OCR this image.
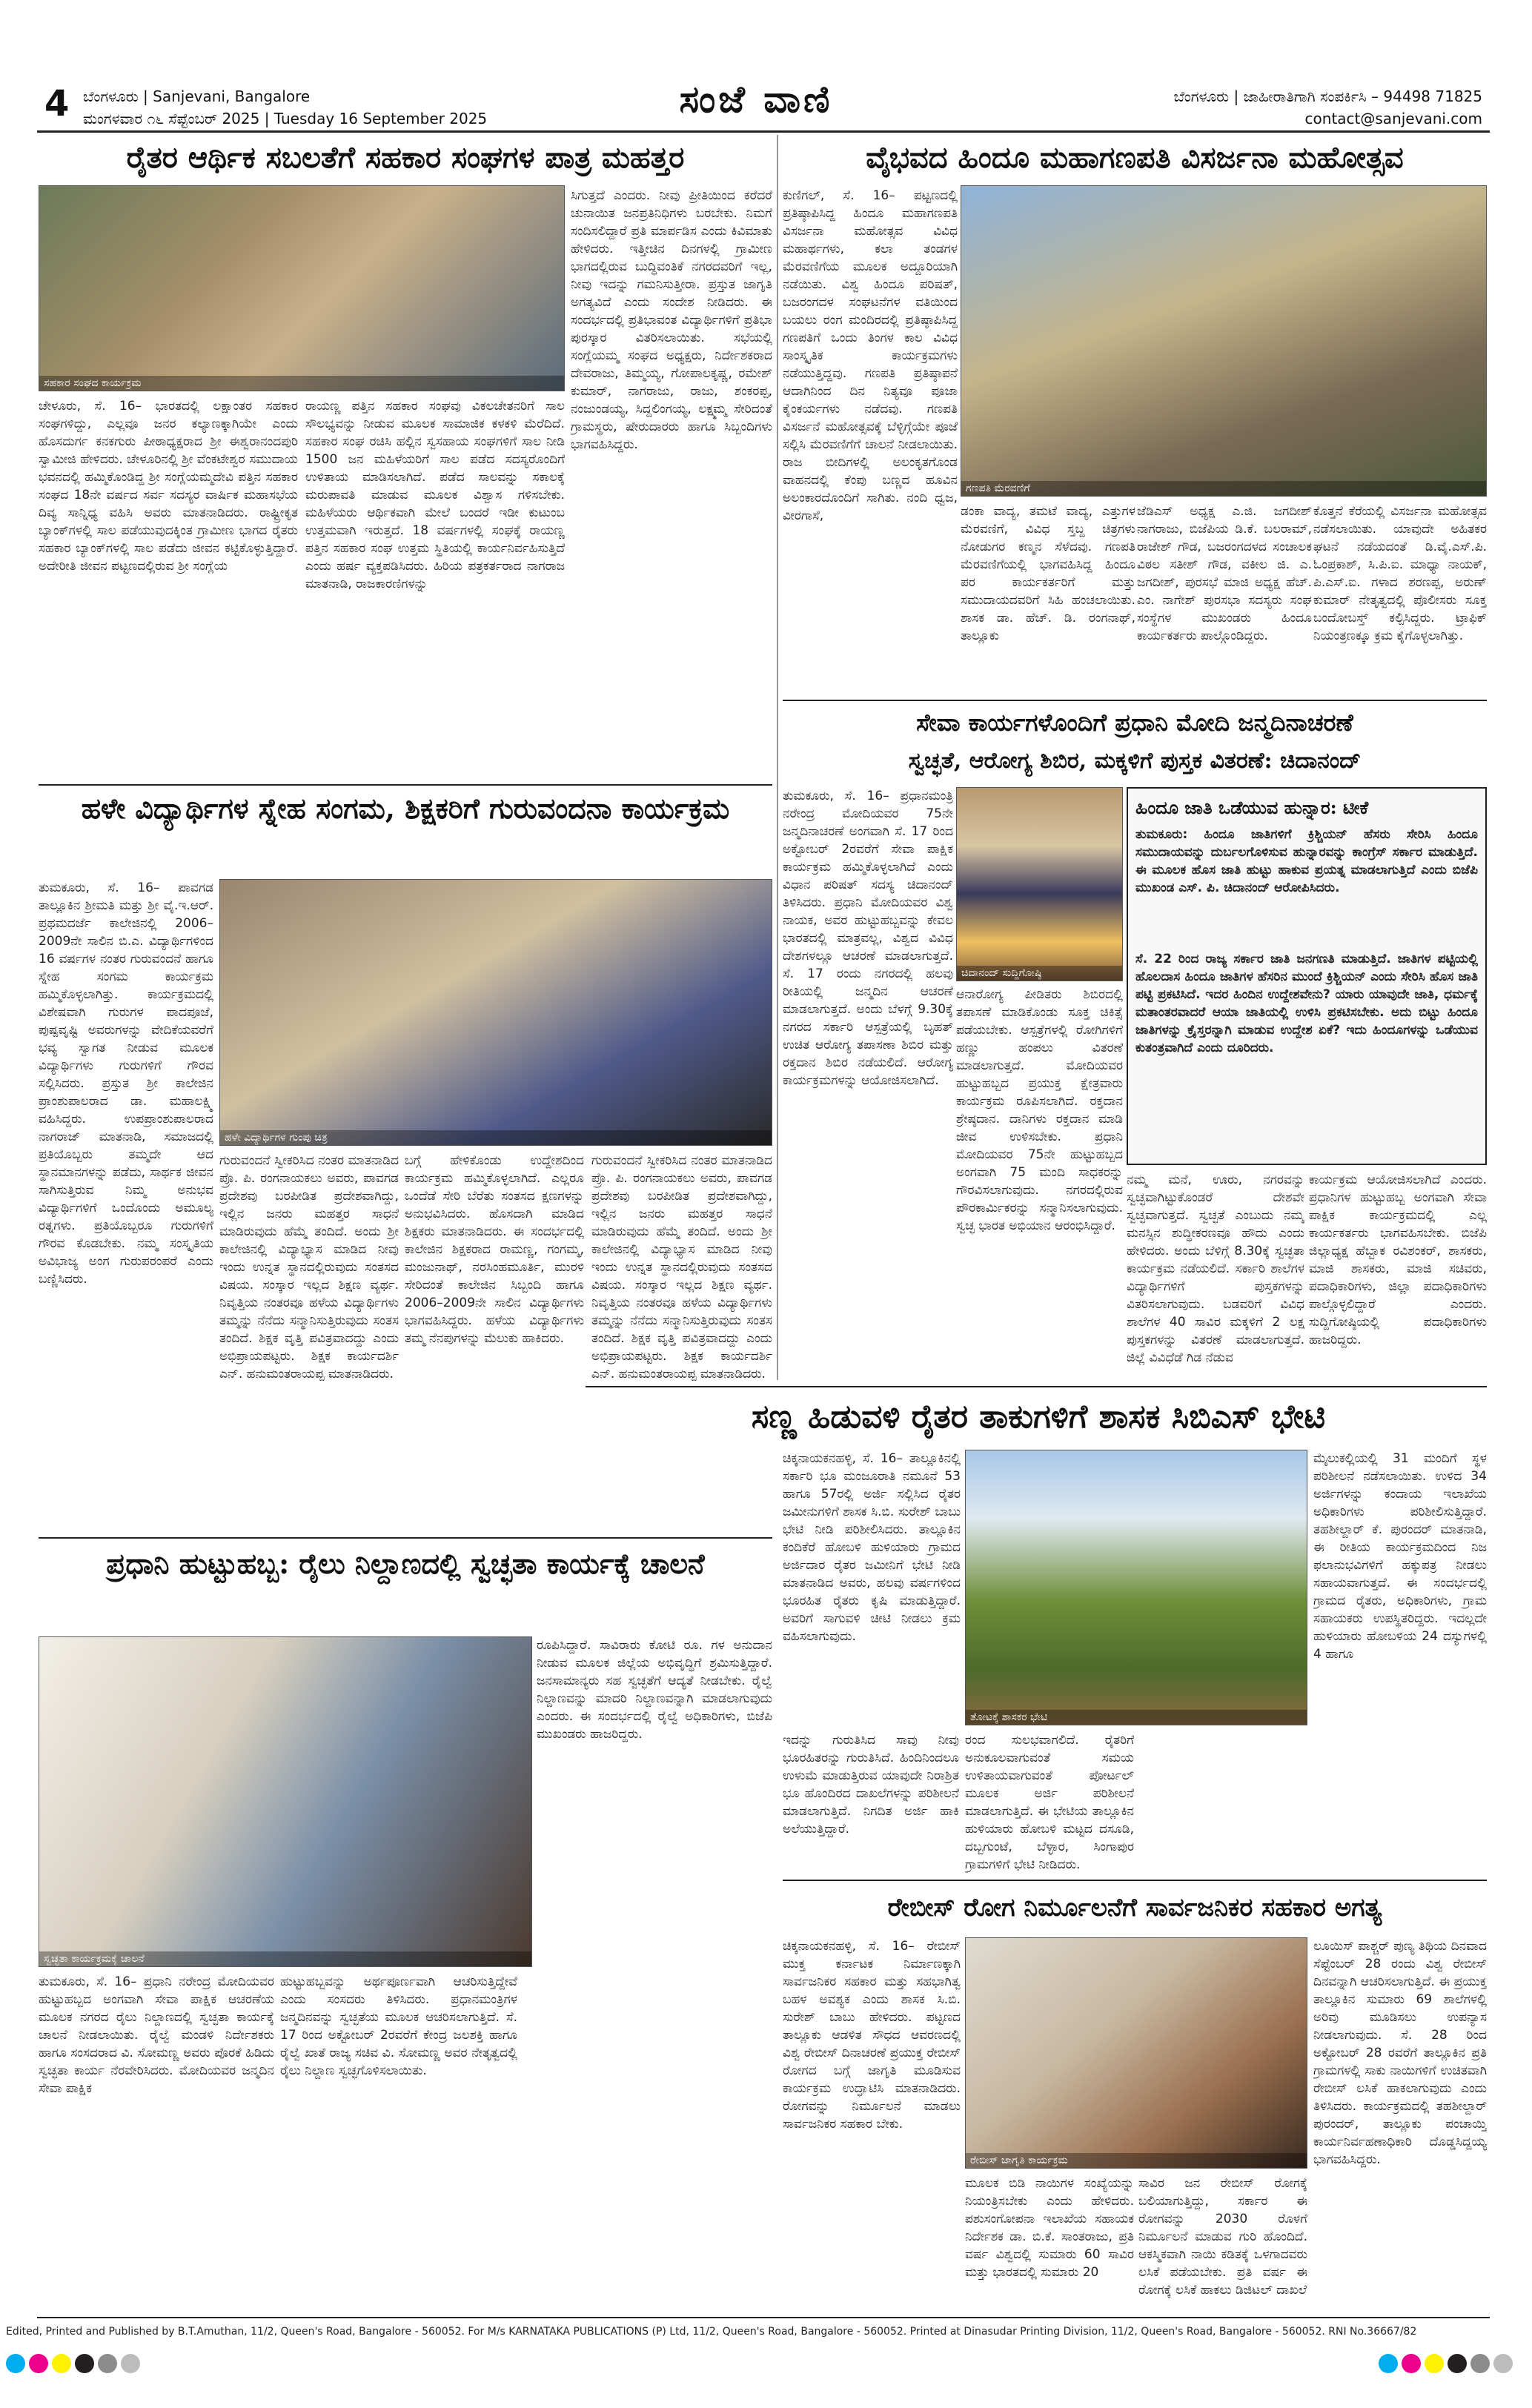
4 ಬೆಂಗಳೂರು | Sanjevani, Bangalore
ಮಂಗಳವಾರ ೧೬ ಸೆಪ್ಟೆಂಬರ್ 2025 | Tuesday 16 September 2025	ಸಂಜೆ ವಾಣಿ	ಬೆಂಗಳೂರು | ಜಾಹೀರಾತಿಗಾಗಿ ಸಂಪರ್ಕಿಸಿ – 94498 71825
contact@sanjevani.com
ರೈತರ ಆರ್ಥಿಕ ಸಬಲತೆಗೆ ಸಹಕಾರ ಸಂಘಗಳ ಪಾತ್ರ ಮಹತ್ತರ
ಸಹಕಾರ ಸಂಘದ ಕಾರ್ಯಕ್ರಮ
ಸಿಗುತ್ತದೆ ಎಂದರು. ನೀವು ಪ್ರೀತಿಯಿಂದ ಕರೆದರೆ ಚುನಾಯಿತ ಜನಪ್ರತಿನಿಧಿಗಳು ಬರಬೇಕು. ನಿಮಗೆ ಸಂದಿಸಲಿದ್ದಾರೆ ಪ್ರತಿ ಮಾರ್ಪಡಿಸ ಎಂದು ಕಿವಿಮಾತು ಹೇಳಿದರು. ಇತ್ತೀಚಿನ ದಿನಗಳಲ್ಲಿ ಗ್ರಾಮೀಣ ಭಾಗದಲ್ಲಿರುವ ಬುದ್ಧಿವಂತಿಕೆ ನಗರದವರಿಗೆ ಇಲ್ಲ, ನೀವು ಇದನ್ನು ಗಮನಿಸುತ್ತೀರಾ. ಪ್ರಸ್ತುತ ಜಾಗೃತಿ ಅಗತ್ಯವಿದೆ ಎಂದು ಸಂದೇಶ ನೀಡಿದರು. ಈ ಸಂದರ್ಭದಲ್ಲಿ ಪ್ರತಿಭಾವಂತ ವಿದ್ಯಾರ್ಥಿಗಳಿಗೆ ಪ್ರತಿಭಾ ಪುರಸ್ಕಾರ ವಿತರಿಸಲಾಯಿತು. ಸಭೆಯಲ್ಲಿ ಸಂಗ್ಲೆಯಮ್ಮ ಸಂಘದ ಅಧ್ಯಕ್ಷರು, ನಿರ್ದೇಶಕರಾದ ದೇವರಾಜು, ತಿಮ್ಮಯ್ಯ, ಗೋಪಾಲಕೃಷ್ಣ, ರಮೇಶ್ ಕುಮಾರ್, ನಾಗರಾಜು, ರಾಜು, ಶಂಕರಪ್ಪ, ನಂಜುಂಡಯ್ಯ, ಸಿದ್ದಲಿಂಗಯ್ಯ, ಲಕ್ಷ್ಮಮ್ಮ ಸೇರಿದಂತೆ ಗ್ರಾಮಸ್ಥರು, ಷೇರುದಾರರು ಹಾಗೂ ಸಿಬ್ಬಂದಿಗಳು ಭಾಗವಹಿಸಿದ್ದರು.
ಚೇಳೂರು, ಸೆ. 16– ಭಾರತದಲ್ಲಿ ಲಕ್ಷಾಂತರ ಸಹಕಾರ ಸಂಘಗಳಿದ್ದು, ಎಲ್ಲವೂ ಜನರ ಕಲ್ಯಾಣಕ್ಕಾಗಿಯೇ ಎಂದು ಹೊಸದುರ್ಗ ಕನಕಗುರು ಪೀಠಾಧ್ಯಕ್ಷರಾದ ಶ್ರೀ ಈಶ್ವರಾನಂದಪುರಿ ಸ್ವಾಮೀಜಿ ಹೇಳಿದರು. ಚೇಳೂರಿನಲ್ಲಿ ಶ್ರೀ ವೆಂಕಟೇಶ್ವರ ಸಮುದಾಯ ಭವನದಲ್ಲಿ ಹಮ್ಮಿಕೊಂಡಿದ್ದ ಶ್ರೀ ಸಂಗ್ಲೆಯಮ್ಮದೇವಿ ಪತ್ತಿನ ಸಹಕಾರ ಸಂಘದ 18ನೇ ವರ್ಷದ ಸರ್ವ ಸದಸ್ಯರ ವಾರ್ಷಿಕ ಮಹಾಸಭೆಯ ದಿವ್ಯ ಸಾನ್ನಿಧ್ಯ ವಹಿಸಿ ಅವರು ಮಾತನಾಡಿದರು. ರಾಷ್ಟ್ರೀಕೃತ ಬ್ಯಾಂಕ್‌ಗಳಲ್ಲಿ ಸಾಲ ಪಡೆಯುವುದಕ್ಕಿಂತ ಗ್ರಾಮೀಣ ಭಾಗದ ರೈತರು ಸಹಕಾರ ಬ್ಯಾಂಕ್‌ಗಳಲ್ಲಿ ಸಾಲ ಪಡೆದು ಜೀವನ ಕಟ್ಟಿಕೊಳ್ಳುತ್ತಿದ್ದಾರೆ. ಅದೇರೀತಿ ಜೀವನ ಪಟ್ಟಣದಲ್ಲಿರುವ ಶ್ರೀ ಸಂಗ್ಲೆಯ
ರಾಯಣ್ಣ ಪತ್ತಿನ ಸಹಕಾರ ಸಂಘವು ವಿಕಲಚೇತನರಿಗೆ ಸಾಲ ಸೌಲಭ್ಯವನ್ನು ನೀಡುವ ಮೂಲಕ ಸಾಮಾಜಿಕ ಕಳಕಳಿ ಮೆರೆದಿದೆ. ಸಹಕಾರ ಸಂಘ ರಚಿಸಿ ಹಲ್ಲಿನ ಸ್ವಸಹಾಯ ಸಂಘಗಳಿಗೆ ಸಾಲ ನೀಡಿ 1500 ಜನ ಮಹಿಳೆಯರಿಗೆ ಸಾಲ ಪಡೆದ ಸದಸ್ಯರೊಂದಿಗೆ ಉಳಿತಾಯ ಮಾಡಿಸಲಾಗಿದೆ. ಪಡೆದ ಸಾಲವನ್ನು ಸಕಾಲಕ್ಕೆ ಮರುಪಾವತಿ ಮಾಡುವ ಮೂಲಕ ವಿಶ್ವಾಸ ಗಳಿಸಬೇಕು. ಮಹಿಳೆಯರು ಆರ್ಥಿಕವಾಗಿ ಮೇಲೆ ಬಂದರೆ ಇಡೀ ಕುಟುಂಬ ಉತ್ತಮವಾಗಿ ಇರುತ್ತದೆ. 18 ವರ್ಷಗಳಲ್ಲಿ ಸಂಘಕ್ಕೆ ರಾಯಣ್ಣ ಪತ್ತಿನ ಸಹಕಾರ ಸಂಘ ಉತ್ತಮ ಸ್ಥಿತಿಯಲ್ಲಿ ಕಾರ್ಯನಿರ್ವಹಿಸುತ್ತಿದೆ ಎಂದು ಹರ್ಷ ವ್ಯಕ್ತಪಡಿಸಿದರು. ಹಿರಿಯ ಪತ್ರಕರ್ತರಾದ ನಾಗರಾಜ ಮಾತನಾಡಿ, ರಾಜಕಾರಣಿಗಳನ್ನು
ವೈಭವದ ಹಿಂದೂ ಮಹಾಗಣಪತಿ ವಿಸರ್ಜನಾ ಮಹೋತ್ಸವ
ಕುಣಿಗಲ್, ಸೆ. 16– ಪಟ್ಟಣದಲ್ಲಿ ಪ್ರತಿಷ್ಠಾಪಿಸಿದ್ದ ಹಿಂದೂ ಮಹಾಗಣಪತಿ ವಿಸರ್ಜನಾ ಮಹೋತ್ಸವ ವಿವಿಧ ಮಹಾರ್ಥಗಳು, ಕಲಾ ತಂಡಗಳ ಮೆರವಣಿಗೆಯ ಮೂಲಕ ಅದ್ದೂರಿಯಾಗಿ ನಡೆಯಿತು. ವಿಶ್ವ ಹಿಂದೂ ಪರಿಷತ್, ಬಜರಂಗದಳ ಸಂಘಟನೆಗಳ ವತಿಯಿಂದ ಬಯಲು ರಂಗ ಮಂದಿರದಲ್ಲಿ ಪ್ರತಿಷ್ಠಾಪಿಸಿದ್ದ ಗಣಪತಿಗೆ ಒಂದು ತಿಂಗಳ ಕಾಲ ವಿವಿಧ ಸಾಂಸ್ಕೃತಿಕ ಕಾರ್ಯಕ್ರಮಗಳು ನಡೆಯುತ್ತಿದ್ದವು. ಗಣಪತಿ ಪ್ರತಿಷ್ಠಾಪನೆ ಆದಾಗಿನಿಂದ ದಿನ ನಿತ್ಯವೂ ಪೂಜಾ ಕೈಂಕರ್ಯಗಳು ನಡೆದವು. ಗಣಪತಿ ವಿಸರ್ಜನೆ ಮಹೋತ್ಸವಕ್ಕೆ ಬೆಳ್ಳಿಗ್ಗೆಯೇ ಪೂಜೆ ಸಲ್ಲಿಸಿ ಮೆರವಣಿಗೆಗೆ ಚಾಲನೆ ನೀಡಲಾಯಿತು. ರಾಜ ಬೀದಿಗಳಲ್ಲಿ ಅಲಂಕೃತಗೊಂಡ ವಾಹನದಲ್ಲಿ ಕೆಂಪು ಬಣ್ಣದ ಹೂವಿನ ಅಲಂಕಾರದೊಂದಿಗೆ ಸಾಗಿತು. ನಂದಿ ಧ್ವಜ, ವೀರಗಾಸೆ,
ಗಣಪತಿ ಮೆರವಣಿಗೆ
ಡಂಕಾ ವಾದ್ಯ, ತಮಟೆ ವಾದ್ಯ, ಎತ್ತುಗಳ ಮೆರವಣಿಗೆ, ವಿವಿಧ ಸ್ತಬ್ದ ಚಿತ್ರಗಳು ನೋಡುಗರ ಕಣ್ಮನ ಸೆಳೆದವು. ಗಣಪತಿ ಮೆರವಣಿಗೆಯಲ್ಲಿ ಭಾಗವಹಿಸಿದ್ದ ಹಿಂದೂ ಪರ ಕಾರ್ಯಕರ್ತರಿಗೆ ಮತ್ತು ಸಮುದಾಯದವರಿಗೆ ಸಿಹಿ ಹಂಚಲಾಯಿತು. ಶಾಸಕ ಡಾ. ಹೆಚ್. ಡಿ. ರಂಗನಾಥ್, ತಾಲ್ಲೂಕು
ಜೆಡಿಎಸ್ ಅಧ್ಯಕ್ಷ ಎ.ಜಿ. ಜಗದೀಶ್ ನಾಗರಾಜು, ಬಿಜೆಪಿಯ ಡಿ.ಕೆ. ಬಲರಾಮ್, ರಾಜೇಶ್ ಗೌಡ, ಬಜರಂಗದಳದ ಸಂಚಾಲಕ ವಿಠಲ ಸತೀಶ್ ಗೌಡ, ವಕೀಲ ಜಿ. ಎ. ಜಗದೀಶ್, ಪುರಸಭೆ ಮಾಜಿ ಅಧ್ಯಕ್ಷ ಹೆಚ್. ಎಂ. ನಾಗೇಶ್ ಪುರಸಭಾ ಸದಸ್ಯರು ಸಂಘ ಸಂಸ್ಥೆಗಳ ಮುಖಂಡರು ಹಿಂದೂ ಕಾರ್ಯಕರ್ತರು ಪಾಲ್ಗೊಂಡಿದ್ದರು.
ಕೊತ್ತನೆ ಕೆರೆಯಲ್ಲಿ ವಿಸರ್ಜನಾ ಮಹೋತ್ಸವ ನಡೆಸಲಾಯಿತು. ಯಾವುದೇ ಅಹಿತಕರ ಘಟನೆ ನಡೆಯದಂತೆ ಡಿ.ವೈ.ಎಸ್.ಪಿ. ಓಂಪ್ರಕಾಶ್, ಸಿ.ಪಿ.ಐ. ಮಾಧ್ಯಾ ನಾಯಕ್, ಪಿ.ಎಸ್.ಐ. ಗಳಾದ ಶರಣಪ್ಪ, ಅರುಣ್ ಕುಮಾರ್ ನೇತೃತ್ವದಲ್ಲಿ ಪೊಲೀಸರು ಸೂಕ್ತ ಬಂದೋಬಸ್ತ್ ಕಲ್ಪಿಸಿದ್ದರು. ಟ್ರಾಫಿಕ್ ನಿಯಂತ್ರಣಕ್ಕೂ ಕ್ರಮ ಕೈಗೊಳ್ಳಲಾಗಿತ್ತು.
ಸೇವಾ ಕಾರ್ಯಗಳೊಂದಿಗೆ ಪ್ರಧಾನಿ ಮೋದಿ ಜನ್ಮದಿನಾಚರಣೆ
ಸ್ವಚ್ಛತೆ, ಆರೋಗ್ಯ ಶಿಬಿರ, ಮಕ್ಕಳಿಗೆ ಪುಸ್ತಕ ವಿತರಣೆ: ಚಿದಾನಂದ್
ತುಮಕೂರು, ಸೆ. 16– ಪ್ರಧಾನಮಂತ್ರಿ ನರೇಂದ್ರ ಮೋದಿಯವರ 75ನೇ ಜನ್ಮದಿನಾಚರಣೆ ಅಂಗವಾಗಿ ಸೆ. 17 ರಿಂದ ಅಕ್ಟೋಬರ್ 2ರವರೆಗೆ ಸೇವಾ ಪಾಕ್ಷಿಕ ಕಾರ್ಯಕ್ರಮ ಹಮ್ಮಿಕೊಳ್ಳಲಾಗಿದೆ ಎಂದು ವಿಧಾನ ಪರಿಷತ್ ಸದಸ್ಯ ಚಿದಾನಂದ್ ತಿಳಿಸಿದರು. ಪ್ರಧಾನಿ ಮೋದಿಯವರ ವಿಶ್ವ ನಾಯಕ, ಅವರ ಹುಟ್ಟುಹಬ್ಬವನ್ನು ಕೇವಲ ಭಾರತದಲ್ಲಿ ಮಾತ್ರವಲ್ಲ, ವಿಶ್ವದ ವಿವಿಧ ದೇಶಗಳಲ್ಲೂ ಆಚರಣೆ ಮಾಡಲಾಗುತ್ತದೆ. ಸೆ. 17 ರಂದು ನಗರದಲ್ಲಿ ಹಲವು ರೀತಿಯಲ್ಲಿ ಜನ್ಮದಿನ ಆಚರಣೆ ಮಾಡಲಾಗುತ್ತದೆ. ಅಂದು ಬೆಳಗ್ಗೆ 9.30ಕ್ಕೆ ನಗರದ ಸರ್ಕಾರಿ ಆಸ್ಪತ್ರೆಯಲ್ಲಿ ಬೃಹತ್ ಉಚಿತ ಆರೋಗ್ಯ ತಪಾಸಣಾ ಶಿಬಿರ ಮತ್ತು ರಕ್ತದಾನ ಶಿಬಿರ ನಡೆಯಲಿದೆ. ಆರೋಗ್ಯ ಕಾರ್ಯಕ್ರಮಗಳನ್ನು ಆಯೋಜಿಸಲಾಗಿದೆ.
ಚಿದಾನಂದ್ ಸುದ್ದಿಗೋಷ್ಠಿ
ಆನಾರೋಗ್ಯ ಪೀಡಿತರು ಶಿಬಿರದಲ್ಲಿ ತಪಾಸಣೆ ಮಾಡಿಕೊಂಡು ಸೂಕ್ತ ಚಿಕಿತ್ಸೆ ಪಡೆಯಬೇಕು. ಆಸ್ಪತ್ರೆಗಳಲ್ಲಿ ರೋಗಿಗಳಿಗೆ ಹಣ್ಣು ಹಂಪಲು ವಿತರಣೆ ಮಾಡಲಾಗುತ್ತದೆ. ಮೋದಿಯವರ ಹುಟ್ಟುಹಬ್ಬದ ಪ್ರಯುಕ್ತ ಕ್ಷೇತ್ರವಾರು ಕಾರ್ಯಕ್ರಮ ರೂಪಿಸಲಾಗಿದೆ. ರಕ್ತದಾನ ಶ್ರೇಷ್ಠದಾನ. ದಾನಿಗಳು ರಕ್ತದಾನ ಮಾಡಿ ಜೀವ ಉಳಿಸಬೇಕು. ಪ್ರಧಾನಿ ಮೋದಿಯವರ 75ನೇ ಹುಟ್ಟುಹಬ್ಬದ ಅಂಗವಾಗಿ 75 ಮಂದಿ ಸಾಧಕರನ್ನು ಗೌರವಿಸಲಾಗುವುದು. ನಗರದಲ್ಲಿರುವ ಪೌರಕಾರ್ಮಿಕರನ್ನು ಸನ್ಮಾನಿಸಲಾಗುವುದು. ಸ್ವಚ್ಛ ಭಾರತ ಅಭಿಯಾನ ಆರಂಭಿಸಿದ್ದಾರೆ.
ಹಿಂದೂ ಜಾತಿ ಒಡೆಯುವ ಹುನ್ನಾರ: ಟೀಕೆ
ತುಮಕೂರು: ಹಿಂದೂ ಜಾತಿಗಳಿಗೆ ಕ್ರಿಶ್ಚಿಯನ್ ಹೆಸರು ಸೇರಿಸಿ ಹಿಂದೂ ಸಮುದಾಯವನ್ನು ದುರ್ಬಲಗೊಳಿಸುವ ಹುನ್ನಾರವನ್ನು ಕಾಂಗ್ರೆಸ್ ಸರ್ಕಾರ ಮಾಡುತ್ತಿದೆ. ಈ ಮೂಲಕ ಹೊಸ ಜಾತಿ ಹುಟ್ಟು ಹಾಕುವ ಪ್ರಯತ್ನ ಮಾಡಲಾಗುತ್ತಿದೆ ಎಂದು ಬಿಜೆಪಿ ಮುಖಂಡ ಎಸ್. ಪಿ. ಚಿದಾನಂದ್ ಆರೋಪಿಸಿದರು.
ಸೆ. 22 ರಿಂದ ರಾಜ್ಯ ಸರ್ಕಾರ ಜಾತಿ ಜನಗಣತಿ ಮಾಡುತ್ತಿದೆ. ಜಾತಿಗಳ ಪಟ್ಟಿಯಲ್ಲಿ ಹೊಲದಾಸ ಹಿಂದೂ ಜಾತಿಗಳ ಹೆಸರಿನ ಮುಂದೆ ಕ್ರಿಶ್ಚಿಯನ್ ಎಂದು ಸೇರಿಸಿ ಹೊಸ ಜಾತಿ ಪಟ್ಟಿ ಪ್ರಕಟಿಸಿದೆ. ಇದರ ಹಿಂದಿನ ಉದ್ದೇಶವೇನು? ಯಾರು ಯಾವುದೇ ಜಾತಿ, ಧರ್ಮಕ್ಕೆ ಮತಾಂತರವಾದರೆ ಆಯಾ ಜಾತಿಯಲ್ಲಿ ಉಳಿಸಿ ಪ್ರಕಟಿಸಬೇಕು. ಅದು ಬಿಟ್ಟು ಹಿಂದೂ ಜಾತಿಗಳನ್ನು ಕ್ರೈಸ್ತರನ್ನಾಗಿ ಮಾಡುವ ಉದ್ದೇಶ ಏಕೆ? ಇದು ಹಿಂದೂಗಳನ್ನು ಒಡೆಯುವ ಕುತಂತ್ರವಾಗಿದೆ ಎಂದು ದೂರಿದರು.
ನಮ್ಮ ಮನೆ, ಊರು, ನಗರವನ್ನು ಸ್ವಚ್ಛವಾಗಿಟ್ಟುಕೊಂಡರೆ ದೇಶವೇ ಸ್ವಚ್ಛವಾಗುತ್ತದೆ. ಸ್ವಚ್ಛತೆ ಎಂಬುದು ನಮ್ಮ ಮನಸ್ಸಿನ ಶುದ್ಧೀಕರಣವೂ ಹೌದು ಎಂದು ಹೇಳಿದರು. ಅಂದು ಬೆಳಿಗ್ಗೆ 8.30ಕ್ಕೆ ಸ್ವಚ್ಛತಾ ಕಾರ್ಯಕ್ರಮ ನಡೆಯಲಿದೆ. ಸರ್ಕಾರಿ ಶಾಲೆಗಳ ವಿದ್ಯಾರ್ಥಿಗಳಿಗೆ ಪುಸ್ತಕಗಳನ್ನು ವಿತರಿಸಲಾಗುವುದು. ಬಡವರಿಗೆ ವಿವಿಧ ಶಾಲೆಗಳ 40 ಸಾವಿರ ಮಕ್ಕಳಿಗೆ 2 ಲಕ್ಷ ಪುಸ್ತಕಗಳನ್ನು ವಿತರಣೆ ಮಾಡಲಾಗುತ್ತದೆ. ಜಿಲ್ಲೆ ವಿವಿಧೆಡೆ ಗಿಡ ನೆಡುವ
ಕಾರ್ಯಕ್ರಮ ಆಯೋಜಿಸಲಾಗಿದೆ ಎಂದರು. ಪ್ರಧಾನಿಗಳ ಹುಟ್ಟುಹಬ್ಬ ಅಂಗವಾಗಿ ಸೇವಾ ಪಾಕ್ಷಿಕ ಕಾರ್ಯಕ್ರಮದಲ್ಲಿ ಎಲ್ಲ ಕಾರ್ಯಕರ್ತರು ಭಾಗವಹಿಸಬೇಕು. ಬಿಜೆಪಿ ಜಿಲ್ಲಾಧ್ಯಕ್ಷ ಹೆಬ್ಬಾಕ ರವಿಶಂಕರ್, ಶಾಸಕರು, ಮಾಜಿ ಶಾಸಕರು, ಮಾಜಿ ಸಚಿವರು, ಪದಾಧಿಕಾರಿಗಳು, ಜಿಲ್ಲಾ ಪದಾಧಿಕಾರಿಗಳು ಪಾಲ್ಗೊಳ್ಳಲಿದ್ದಾರೆ ಎಂದರು. ಸುದ್ದಿಗೋಷ್ಠಿಯಲ್ಲಿ ಪದಾಧಿಕಾರಿಗಳು ಹಾಜರಿದ್ದರು.
ಹಳೇ ವಿದ್ಯಾರ್ಥಿಗಳ ಸ್ನೇಹ ಸಂಗಮ, ಶಿಕ್ಷಕರಿಗೆ ಗುರುವಂದನಾ ಕಾರ್ಯಕ್ರಮ
ತುಮಕೂರು, ಸೆ. 16– ಪಾವಗಡ ತಾಲ್ಲೂಕಿನ ಶ್ರೀಮತಿ ಮತ್ತು ಶ್ರೀ ವೈ.ಇ.ಆರ್. ಪ್ರಥಮದರ್ಜೆ ಕಾಲೇಜಿನಲ್ಲಿ 2006–2009ನೇ ಸಾಲಿನ ಬಿ.ಎ. ವಿದ್ಯಾರ್ಥಿಗಳಿಂದ 16 ವರ್ಷಗಳ ನಂತರ ಗುರುವಂದನೆ ಹಾಗೂ ಸ್ನೇಹ ಸಂಗಮ ಕಾರ್ಯಕ್ರಮ ಹಮ್ಮಿಕೊಳ್ಳಲಾಗಿತ್ತು. ಕಾರ್ಯಕ್ರಮದಲ್ಲಿ ವಿಶೇಷವಾಗಿ ಗುರುಗಳ ಪಾದಪೂಜೆ, ಪುಷ್ಪವೃಷ್ಟಿ ಅವರುಗಳನ್ನು ವೇದಿಕೆಯವರೆಗೆ ಭವ್ಯ ಸ್ವಾಗತ ನೀಡುವ ಮೂಲಕ ವಿದ್ಯಾರ್ಥಿಗಳು ಗುರುಗಳಿಗೆ ಗೌರವ ಸಲ್ಲಿಸಿದರು. ಪ್ರಸ್ತುತ ಶ್ರೀ ಕಾಲೇಜಿನ ಪ್ರಾಂಶುಪಾಲರಾದ ಡಾ. ಮಹಾಲಕ್ಷ್ಮಿ ವಹಿಸಿದ್ದರು. ಉಪಪ್ರಾಂಶುಪಾಲರಾದ ನಾಗರಾಜ್ ಮಾತನಾಡಿ, ಸಮಾಜದಲ್ಲಿ ಪ್ರತಿಯೊಬ್ಬರು ತಮ್ಮದೇ ಆದ ಸ್ಥಾನಮಾನಗಳನ್ನು ಪಡೆದು, ಸಾರ್ಥಕ ಜೀವನ ಸಾಗಿಸುತ್ತಿರುವ ನಿಮ್ಮ ಅನುಭವ ವಿದ್ಯಾರ್ಥಿಗಳಿಗೆ ಒಂದೊಂದು ಅಮೂಲ್ಯ ರತ್ನಗಳು. ಪ್ರತಿಯೊಬ್ಬರೂ ಗುರುಗಳಿಗೆ ಗೌರವ ಕೊಡಬೇಕು. ನಮ್ಮ ಸಂಸ್ಕೃತಿಯ ಅವಿಭಾಜ್ಯ ಅಂಗ ಗುರುಪರಂಪರೆ ಎಂದು ಬಣ್ಣಿಸಿದರು.
ಹಳೇ ವಿದ್ಯಾರ್ಥಿಗಳ ಗುಂಪು ಚಿತ್ರ
ಗುರುವಂದನೆ ಸ್ವೀಕರಿಸಿದ ನಂತರ ಮಾತನಾಡಿದ ಪ್ರೊ. ಪಿ. ರಂಗನಾಯಕಲು ಅವರು, ಪಾವಗಡ ಪ್ರದೇಶವು ಬರಪೀಡಿತ ಪ್ರದೇಶವಾಗಿದ್ದು, ಇಲ್ಲಿನ ಜನರು ಮಹತ್ತರ ಸಾಧನೆ ಮಾಡಿರುವುದು ಹೆಮ್ಮೆ ತಂದಿದೆ. ಅಂದು ಶ್ರೀ ಕಾಲೇಜಿನಲ್ಲಿ ವಿದ್ಯಾಭ್ಯಾಸ ಮಾಡಿದ ನೀವು ಇಂದು ಉನ್ನತ ಸ್ಥಾನದಲ್ಲಿರುವುದು ಸಂತಸದ ವಿಷಯ. ಸಂಸ್ಕಾರ ಇಲ್ಲದ ಶಿಕ್ಷಣ ವ್ಯರ್ಥ. ನಿವೃತ್ತಿಯ ನಂತರವೂ ಹಳೆಯ ವಿದ್ಯಾರ್ಥಿಗಳು ತಮ್ಮನ್ನು ನೆನೆದು ಸನ್ಮಾನಿಸುತ್ತಿರುವುದು ಸಂತಸ ತಂದಿದೆ. ಶಿಕ್ಷಕ ವೃತ್ತಿ ಪವಿತ್ರವಾದದ್ದು ಎಂದು ಅಭಿಪ್ರಾಯಪಟ್ಟರು. ಶಿಕ್ಷಕ ಕಾರ್ಯದರ್ಶಿ ಎನ್. ಹನುಮಂತರಾಯಪ್ಪ ಮಾತನಾಡಿದರು.
ಬಗ್ಗೆ ಹೇಳಿಕೊಂಡು ಉದ್ದೇಶದಿಂದ ಕಾರ್ಯಕ್ರಮ ಹಮ್ಮಿಕೊಳ್ಳಲಾಗಿದೆ. ಎಲ್ಲರೂ ಒಂದೆಡೆ ಸೇರಿ ಬೆರೆತು ಸಂತಸದ ಕ್ಷಣಗಳನ್ನು ಅನುಭವಿಸಿದರು. ಹೊಸದಾಗಿ ಮಾಡಿದ ಶಿಕ್ಷಕರು ಮಾತನಾಡಿದರು. ಈ ಸಂದರ್ಭದಲ್ಲಿ ಕಾಲೇಜಿನ ಶಿಕ್ಷಕರಾದ ರಾಮಣ್ಣ, ಗಂಗಮ್ಮ, ಮಂಜುನಾಥ್, ನರಸಿಂಹಮೂರ್ತಿ, ಮುರಳಿ ಸೇರಿದಂತೆ ಕಾಲೇಜಿನ ಸಿಬ್ಬಂದಿ ಹಾಗೂ 2006–2009ನೇ ಸಾಲಿನ ವಿದ್ಯಾರ್ಥಿಗಳು ಭಾಗವಹಿಸಿದ್ದರು. ಹಳೆಯ ವಿದ್ಯಾರ್ಥಿಗಳು ತಮ್ಮ ನೆನಪುಗಳನ್ನು ಮೆಲುಕು ಹಾಕಿದರು.
ಗುರುವಂದನೆ ಸ್ವೀಕರಿಸಿದ ನಂತರ ಮಾತನಾಡಿದ ಪ್ರೊ. ಪಿ. ರಂಗನಾಯಕಲು ಅವರು, ಪಾವಗಡ ಪ್ರದೇಶವು ಬರಪೀಡಿತ ಪ್ರದೇಶವಾಗಿದ್ದು, ಇಲ್ಲಿನ ಜನರು ಮಹತ್ತರ ಸಾಧನೆ ಮಾಡಿರುವುದು ಹೆಮ್ಮೆ ತಂದಿದೆ. ಅಂದು ಶ್ರೀ ಕಾಲೇಜಿನಲ್ಲಿ ವಿದ್ಯಾಭ್ಯಾಸ ಮಾಡಿದ ನೀವು ಇಂದು ಉನ್ನತ ಸ್ಥಾನದಲ್ಲಿರುವುದು ಸಂತಸದ ವಿಷಯ. ಸಂಸ್ಕಾರ ಇಲ್ಲದ ಶಿಕ್ಷಣ ವ್ಯರ್ಥ. ನಿವೃತ್ತಿಯ ನಂತರವೂ ಹಳೆಯ ವಿದ್ಯಾರ್ಥಿಗಳು ತಮ್ಮನ್ನು ನೆನೆದು ಸನ್ಮಾನಿಸುತ್ತಿರುವುದು ಸಂತಸ ತಂದಿದೆ. ಶಿಕ್ಷಕ ವೃತ್ತಿ ಪವಿತ್ರವಾದದ್ದು ಎಂದು ಅಭಿಪ್ರಾಯಪಟ್ಟರು. ಶಿಕ್ಷಕ ಕಾರ್ಯದರ್ಶಿ ಎನ್. ಹನುಮಂತರಾಯಪ್ಪ ಮಾತನಾಡಿದರು.
ಪ್ರಧಾನಿ ಹುಟ್ಟುಹಬ್ಬ: ರೈಲು ನಿಲ್ದಾಣದಲ್ಲಿ ಸ್ವಚ್ಛತಾ ಕಾರ್ಯಕ್ಕೆ ಚಾಲನೆ
ಸ್ವಚ್ಛತಾ ಕಾರ್ಯಕ್ರಮಕ್ಕೆ ಚಾಲನೆ
ತುಮಕೂರು, ಸೆ. 16– ಪ್ರಧಾನಿ ನರೇಂದ್ರ ಮೋದಿಯವರ ಹುಟ್ಟುಹಬ್ಬದ ಅಂಗವಾಗಿ ಸೇವಾ ಪಾಕ್ಷಿಕ ಆಚರಣೆಯ ಮೂಲಕ ನಗರದ ರೈಲು ನಿಲ್ದಾಣದಲ್ಲಿ ಸ್ವಚ್ಛತಾ ಕಾರ್ಯಕ್ಕೆ ಚಾಲನೆ ನೀಡಲಾಯಿತು. ರೈಲ್ವೆ ಮಂಡಳಿ ನಿರ್ದೇಶಕರು ಹಾಗೂ ಸಂಸದರಾದ ವಿ. ಸೋಮಣ್ಣ ಅವರು ಪೊರಕೆ ಹಿಡಿದು ಸ್ವಚ್ಛತಾ ಕಾರ್ಯ ನೆರವೇರಿಸಿದರು. ಮೋದಿಯವರ ಜನ್ಮದಿನ ಸೇವಾ ಪಾಕ್ಷಿಕ
ಹುಟ್ಟುಹಬ್ಬವನ್ನು ಅರ್ಥಪೂರ್ಣವಾಗಿ ಆಚರಿಸುತ್ತಿದ್ದೇವೆ ಎಂದು ಸಂಸದರು ತಿಳಿಸಿದರು. ಪ್ರಧಾನಮಂತ್ರಿಗಳ ಜನ್ಮದಿನವನ್ನು ಸ್ವಚ್ಛತೆಯ ಮೂಲಕ ಆಚರಿಸಲಾಗುತ್ತಿದೆ. ಸೆ. 17 ರಿಂದ ಅಕ್ಟೋಬರ್ 2ರವರೆಗೆ ಕೇಂದ್ರ ಜಲಶಕ್ತಿ ಹಾಗೂ ರೈಲ್ವೆ ಖಾತೆ ರಾಜ್ಯ ಸಚಿವ ವಿ. ಸೋಮಣ್ಣ ಅವರ ನೇತೃತ್ವದಲ್ಲಿ ರೈಲು ನಿಲ್ದಾಣ ಸ್ವಚ್ಛಗೊಳಿಸಲಾಯಿತು.
ರೂಪಿಸಿದ್ದಾರೆ. ಸಾವಿರಾರು ಕೋಟಿ ರೂ. ಗಳ ಅನುದಾನ ನೀಡುವ ಮೂಲಕ ಜಿಲ್ಲೆಯ ಅಭಿವೃದ್ಧಿಗೆ ಶ್ರಮಿಸುತ್ತಿದ್ದಾರೆ. ಜನಸಾಮಾನ್ಯರು ಸಹ ಸ್ವಚ್ಛತೆಗೆ ಆದ್ಯತೆ ನೀಡಬೇಕು. ರೈಲ್ವೆ ನಿಲ್ದಾಣವನ್ನು ಮಾದರಿ ನಿಲ್ದಾಣವನ್ನಾಗಿ ಮಾಡಲಾಗುವುದು ಎಂದರು. ಈ ಸಂದರ್ಭದಲ್ಲಿ ರೈಲ್ವೆ ಅಧಿಕಾರಿಗಳು, ಬಿಜೆಪಿ ಮುಖಂಡರು ಹಾಜರಿದ್ದರು.
ಸಣ್ಣ ಹಿಡುವಳಿ ರೈತರ ತಾಕುಗಳಿಗೆ ಶಾಸಕ ಸಿಬಿಎಸ್ ಭೇಟಿ
ಚಿಕ್ಕನಾಯಕನಹಳ್ಳಿ, ಸೆ. 16– ತಾಲ್ಲೂಕಿನಲ್ಲಿ ಸರ್ಕಾರಿ ಭೂ ಮಂಜೂರಾತಿ ನಮೂನೆ 53 ಹಾಗೂ 57ರಲ್ಲಿ ಅರ್ಜಿ ಸಲ್ಲಿಸಿದ ರೈತರ ಜಮೀನುಗಳಿಗೆ ಶಾಸಕ ಸಿ.ಬಿ. ಸುರೇಶ್ ಬಾಬು ಭೇಟಿ ನೀಡಿ ಪರಿಶೀಲಿಸಿದರು. ತಾಲ್ಲೂಕಿನ ಕಂದಿಕೆರೆ ಹೋಬಳಿ ಹುಳಿಯಾರು ಗ್ರಾಮದ ಅರ್ಜಿದಾರ ರೈತರ ಜಮೀನಿಗೆ ಭೇಟಿ ನೀಡಿ ಮಾತನಾಡಿದ ಅವರು, ಹಲವು ವರ್ಷಗಳಿಂದ ಭೂರಹಿತ ರೈತರು ಕೃಷಿ ಮಾಡುತ್ತಿದ್ದಾರೆ. ಅವರಿಗೆ ಸಾಗುವಳಿ ಚೀಟಿ ನೀಡಲು ಕ್ರಮ ವಹಿಸಲಾಗುವುದು.
ತೋಟಕ್ಕೆ ಶಾಸಕರ ಭೇಟಿ
ಇದನ್ನು ಗುರುತಿಸಿದ ಸಾವು ನೀವು ಭೂರಹಿತರನ್ನು ಗುರುತಿಸಿದೆ. ಹಿಂದಿನಿಂದಲೂ ಉಳುಮೆ ಮಾಡುತ್ತಿರುವ ಯಾವುದೇ ನಿರಾಶ್ರಿತ ಭೂ ಹೊಂದಿರದ ದಾಖಲೆಗಳನ್ನು ಪರಿಶೀಲನೆ ಮಾಡಲಾಗುತ್ತಿದೆ. ನಿಗದಿತ ಅರ್ಜಿ ಹಾಕಿ ಅಲೆಯುತ್ತಿದ್ದಾರೆ.
ರಂದ ಸುಲಭವಾಗಲಿದೆ. ರೈತರಿಗೆ ಅನುಕೂಲವಾಗುವಂತೆ ಸಮಯ ಉಳಿತಾಯವಾಗುವಂತೆ ಪೋರ್ಟಲ್ ಮೂಲಕ ಅರ್ಜಿ ಪರಿಶೀಲನೆ ಮಾಡಲಾಗುತ್ತಿದೆ. ಈ ಭೇಟಿಯ ತಾಲ್ಲೂಕಿನ ಹುಳಿಯಾರು ಹೋಬಳಿ ಮಟ್ಟದ ದಸೂಡಿ, ದಬ್ಬಗುಂಟೆ, ಬೆಳ್ಳಾರ, ಸಿಂಗಾಪುರ ಗ್ರಾಮಗಳಿಗೆ ಭೇಟಿ ನೀಡಿದರು.
ಮೈಲುಕಲ್ಲಿಯಲ್ಲಿ 31 ಮಂದಿಗೆ ಸ್ಥಳ ಪರಿಶೀಲನೆ ನಡೆಸಲಾಯಿತು. ಉಳಿದ 34 ಅರ್ಜಿಗಳನ್ನು ಕಂದಾಯ ಇಲಾಖೆಯ ಅಧಿಕಾರಿಗಳು ಪರಿಶೀಲಿಸುತ್ತಿದ್ದಾರೆ. ತಹಶೀಲ್ದಾರ್ ಕೆ. ಪುರಂದರ್ ಮಾತನಾಡಿ, ಈ ರೀತಿಯ ಕಾರ್ಯಕ್ರಮದಿಂದ ನಿಜ ಫಲಾನುಭವಿಗಳಿಗೆ ಹಕ್ಕುಪತ್ರ ನೀಡಲು ಸಹಾಯವಾಗುತ್ತದೆ. ಈ ಸಂದರ್ಭದಲ್ಲಿ ಗ್ರಾಮದ ರೈತರು, ಅಧಿಕಾರಿಗಳು, ಗ್ರಾಮ ಸಹಾಯಕರು ಉಪಸ್ಥಿತರಿದ್ದರು. ಇದಲ್ಲದೇ ಹುಳಿಯಾರು ಹೋಬಳಿಯ 24 ದಸ್ಯುಗಳಲ್ಲಿ 4 ಹಾಗೂ
ರೇಬೀಸ್ ರೋಗ ನಿರ್ಮೂಲನೆಗೆ ಸಾರ್ವಜನಿಕರ ಸಹಕಾರ ಅಗತ್ಯ
ಚಿಕ್ಕನಾಯಕನಹಳ್ಳಿ, ಸೆ. 16– ರೇಬೀಸ್ ಮುಕ್ತ ಕರ್ನಾಟಕ ನಿರ್ಮಾಣಕ್ಕಾಗಿ ಸಾರ್ವಜನಿಕರ ಸಹಕಾರ ಮತ್ತು ಸಹಭಾಗಿತ್ವ ಬಹಳ ಅವಶ್ಯಕ ಎಂದು ಶಾಸಕ ಸಿ.ಬಿ. ಸುರೇಶ್ ಬಾಬು ಹೇಳಿದರು. ಪಟ್ಟಣದ ತಾಲ್ಲೂಕು ಆಡಳಿತ ಸೌಧದ ಆವರಣದಲ್ಲಿ ವಿಶ್ವ ರೇಬೀಸ್ ದಿನಾಚರಣೆ ಪ್ರಯುಕ್ತ ರೇಬೀಸ್ ರೋಗದ ಬಗ್ಗೆ ಜಾಗೃತಿ ಮೂಡಿಸುವ ಕಾರ್ಯಕ್ರಮ ಉದ್ಘಾಟಿಸಿ ಮಾತನಾಡಿದರು. ರೋಗವನ್ನು ನಿರ್ಮೂಲನೆ ಮಾಡಲು ಸಾರ್ವಜನಿಕರ ಸಹಕಾರ ಬೇಕು.
ರೇಬೀಸ್ ಜಾಗೃತಿ ಕಾರ್ಯಕ್ರಮ
ಮೂಲಕ ಬಿಡಿ ನಾಯಿಗಳ ಸಂಖ್ಯೆಯನ್ನು ನಿಯಂತ್ರಿಸಬೇಕು ಎಂದು ಹೇಳಿದರು. ಪಶುಸಂಗೋಪನಾ ಇಲಾಖೆಯ ಸಹಾಯಕ ನಿರ್ದೇಶಕ ಡಾ. ಬಿ.ಕೆ. ಸಾಂತರಾಜು, ಪ್ರತಿ ವರ್ಷ ವಿಶ್ವದಲ್ಲಿ ಸುಮಾರು 60 ಸಾವಿರ ಮತ್ತು ಭಾರತದಲ್ಲಿ ಸುಮಾರು 20
ಸಾವಿರ ಜನ ರೇಬೀಸ್ ರೋಗಕ್ಕೆ ಬಲಿಯಾಗುತ್ತಿದ್ದು, ಸರ್ಕಾರ ಈ ರೋಗವನ್ನು 2030 ರೊಳಗೆ ನಿರ್ಮೂಲನೆ ಮಾಡುವ ಗುರಿ ಹೊಂದಿದೆ. ಆಕಸ್ಮಿಕವಾಗಿ ನಾಯಿ ಕಡಿತಕ್ಕೆ ಒಳಗಾದವರು ಲಸಿಕೆ ಪಡೆಯಬೇಕು. ಪ್ರತಿ ವರ್ಷ ಈ ರೋಗಕ್ಕೆ ಲಸಿಕೆ ಹಾಕಲು ಡಿಜಿಟಲ್ ದಾಖಲೆ
ಲೂಯಿಸ್ ಪಾಶ್ಚರ್ ಪುಣ್ಯ ತಿಥಿಯ ದಿನವಾದ ಸೆಪ್ಟೆಂಬರ್ 28 ರಂದು ವಿಶ್ವ ರೇಬೀಸ್ ದಿನವನ್ನಾಗಿ ಆಚರಿಸಲಾಗುತ್ತಿದೆ. ಈ ಪ್ರಯುಕ್ತ ತಾಲ್ಲೂಕಿನ ಸುಮಾರು 69 ಶಾಲೆಗಳಲ್ಲಿ ಅರಿವು ಮೂಡಿಸಲು ಉಪನ್ಯಾಸ ನೀಡಲಾಗುವುದು. ಸೆ. 28 ರಿಂದ ಅಕ್ಟೋಬರ್ 28 ರವರೆಗೆ ತಾಲ್ಲೂಕಿನ ಪ್ರತಿ ಗ್ರಾಮಗಳಲ್ಲಿ ಸಾಕು ನಾಯಿಗಳಿಗೆ ಉಚಿತವಾಗಿ ರೇಬೀಸ್ ಲಸಿಕೆ ಹಾಕಲಾಗುವುದು ಎಂದು ತಿಳಿಸಿದರು. ಕಾರ್ಯಕ್ರಮದಲ್ಲಿ ತಹಶೀಲ್ದಾರ್ ಪುರಂದರ್, ತಾಲ್ಲೂಕು ಪಂಚಾಯ್ತಿ ಕಾರ್ಯನಿರ್ವಹಣಾಧಿಕಾರಿ ದೊಡ್ಡಸಿದ್ದಯ್ಯ ಭಾಗವಹಿಸಿದ್ದರು.
Edited, Printed and Published by B.T.Amuthan, 11/2, Queen's Road, Bangalore - 560052. For M/s KARNATAKA PUBLICATIONS (P) Ltd, 11/2, Queen's Road, Bangalore - 560052. Printed at Dinasudar Printing Division, 11/2, Queen's Road, Bangalore - 560052. RNI No.36667/82
